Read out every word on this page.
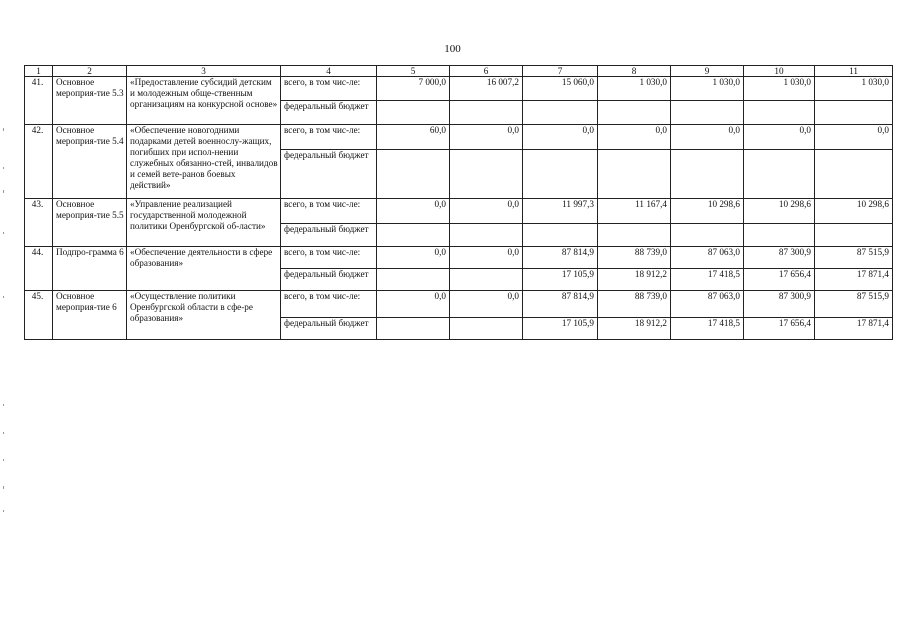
100
1	2	3	4	5	6	7	8	9	10	11
41.	Основное мероприя-тие 5.3	«Предоставление субсидий детским и молодежным обще-ственным организациям на конкурсной основе»	всего, в том чис-ле:	7 000,0	16 007,2	15 060,0	1 030,0	1 030,0	1 030,0	1 030,0
			федеральный бюджет							
42.	Основное мероприя-тие 5.4	«Обеспечение новогодними подарками детей военнослу-жащих, погибших при испол-нении служебных обязанно-стей, инвалидов и семей вете-ранов боевых действий»	всего, в том чис-ле:	60,0	0,0	0,0	0,0	0,0	0,0	0,0
			федеральный бюджет							
43.	Основное мероприя-тие 5.5	«Управление реализацией государственной молодежной политики Оренбургской об-ласти»	всего, в том чис-ле:	0,0	0,0	11 997,3	11 167,4	10 298,6	10 298,6	10 298,6
			федеральный бюджет							
44.	Подпро-грамма 6	«Обеспечение деятельности в сфере образования»	всего, в том чис-ле:	0,0	0,0	87 814,9	88 739,0	87 063,0	87 300,9	87 515,9
			федеральный бюджет			17 105,9	18 912,2	17 418,5	17 656,4	17 871,4
45.	Основное мероприя-тие 6	«Осуществление политики Оренбургской области в сфе-ре образования»	всего, в том чис-ле:	0,0	0,0	87 814,9	88 739,0	87 063,0	87 300,9	87 515,9
			федеральный бюджет			17 105,9	18 912,2	17 418,5	17 656,4	17 871,4
